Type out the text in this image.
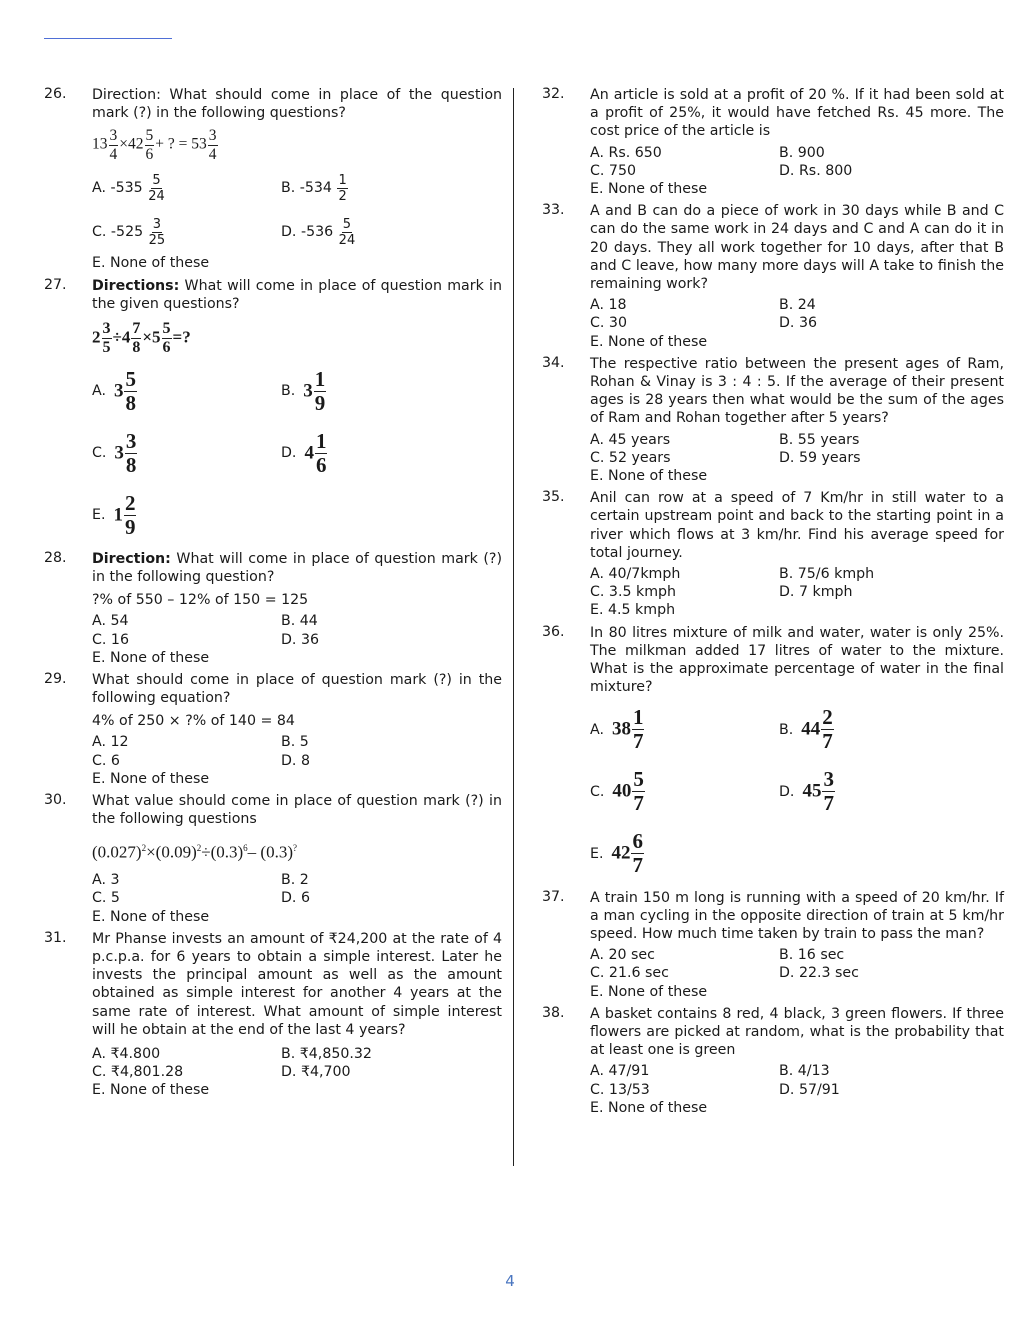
26. Direction: What should come in place of the question mark (?) in the following questions?
$13 \frac{3}{4} \times 42 \frac{5}{6}$ + ? = $53 \frac{3}{4}$
A. -535
$\frac{5}{24}$	B. -534
$\frac{1}{2}$
C. -525
$\frac{3}{25}$	D. -536
$\frac{5}{24}$
E. None of these
27. Directions: What will come in place of question mark in the given questions?
$2 \frac{3}{5} \div 4 \frac{7}{8} \times 5 \frac{5}{6}$ =?
A. $3 \frac{5}{8}$	B. $3 \frac{1}{9}$
C. $3 \frac{3}{8}$	D. $4 \frac{1}{6}$
E. $1 \frac{2}{9}$
28. Direction: What will come in place of question mark (?) in the following question?
?% of 550 – 12% of 150 = 125
A. 54	B. 44
C. 16	D. 36
E. None of these
29. What should come in place of question mark (?) in the following equation?
4% of 250 × ?% of 140 = 84
A. 12	B. 5
C. 6	D. 8
E. None of these
30. What value should come in place of question mark (?) in the following questions
$(0.027)^2\times(0.09)^2\div(0.3)^6-$ (0.3)?
A. 3	B. 2
C. 5	D. 6
E. None of these
31. Mr Phanse invests an amount of ₹24,200 at the rate of 4 p.c.p.a. for 6 years to obtain a simple interest. Later he invests the principal amount as well as the amount obtained as simple interest for another 4 years at the same rate of interest. What amount of simple interest will he obtain at the end of the last 4 years?
A. ₹4.800	B. ₹4,850.32
C. ₹4,801.28	D. ₹4,700
E. None of these
32. An article is sold at a profit of 20 %. If it had been sold at a profit of 25%, it would have fetched Rs. 45 more. The cost price of the article is
A. Rs. 650	B. 900
C. 750	D. Rs. 800
E. None of these
33. A and B can do a piece of work in 30 days while B and C can do the same work in 24 days and C and A can do it in 20 days. They all work together for 10 days, after that B and C leave, how many more days will A take to finish the remaining work?
A. 18	B. 24
C. 30	D. 36
E. None of these
34. The respective ratio between the present ages of Ram, Rohan & Vinay is 3 : 4 : 5. If the average of their present ages is 28 years then what would be the sum of the ages of Ram and Rohan together after 5 years?
A. 45 years	B. 55 years
C. 52 years	D. 59 years
E. None of these
35. Anil can row at a speed of 7 Km/hr in still water to a certain upstream point and back to the starting point in a river which flows at 3 km/hr. Find his average speed for total journey.
A. 40/7kmph	B. 75/6 kmph
C. 3.5 kmph	D. 7 kmph
E. 4.5 kmph
36. In 80 litres mixture of milk and water, water is only 25%. The milkman added 17 litres of water to the mixture. What is the approximate percentage of water in the final mixture?
A. $38 \frac{1}{7}$	B. $44 \frac{2}{7}$
C. $40 \frac{5}{7}$	D. $45 \frac{3}{7}$
E. $42 \frac{6}{7}$
37. A train 150 m long is running with a speed of 20 km/hr. If a man cycling in the opposite direction of train at 5 km/hr speed. How much time taken by train to pass the man?
A. 20 sec	B. 16 sec
C. 21.6 sec	D. 22.3 sec
E. None of these
38. A basket contains 8 red, 4 black, 3 green flowers. If three flowers are picked at random, what is the probability that at least one is green
A. 47/91	B. 4/13
C. 13/53	D. 57/91
E. None of these
4
